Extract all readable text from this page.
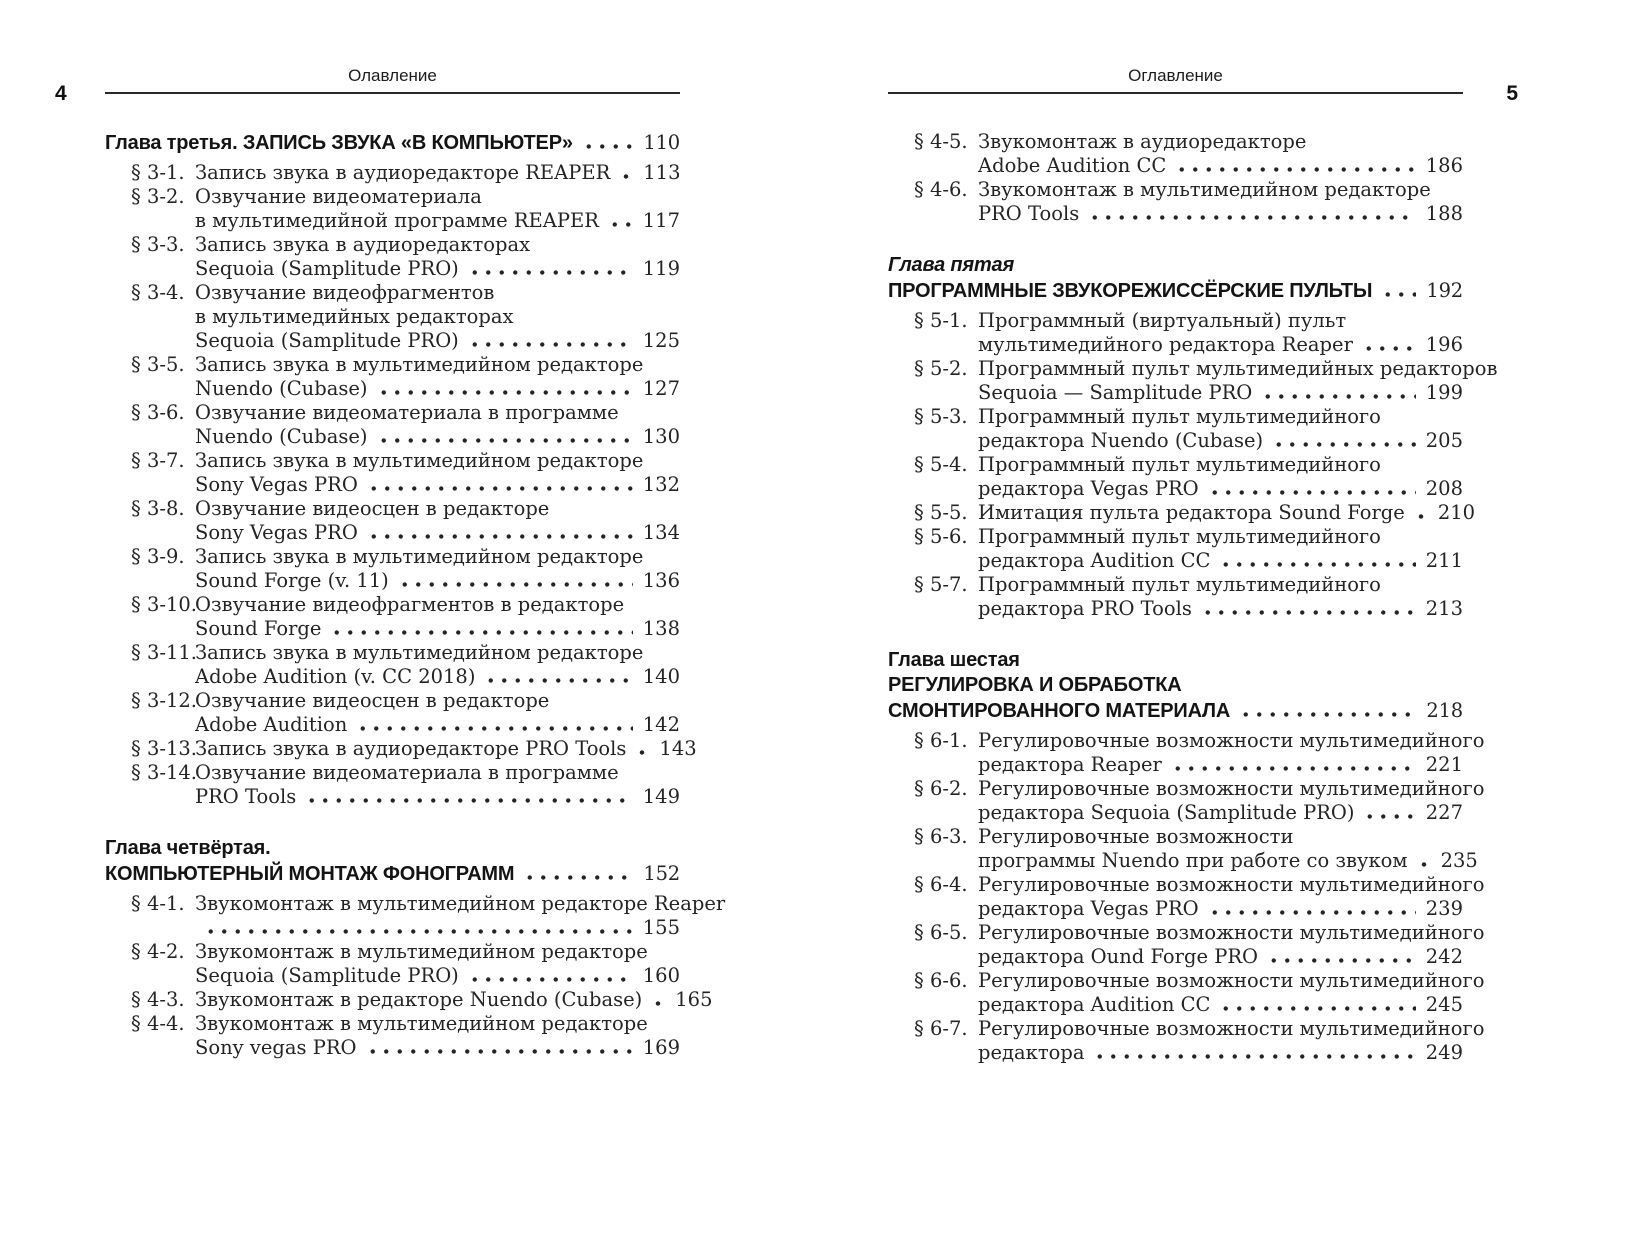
4	5
Олавление
Глава третья. ЗАПИСЬ ЗВУКА «В КОМПЬЮТЕР»	110
§ 3-1. Запись звука в аудиоредакторе REAPER 113
§ 3-2. Озвучание видеоматериала
в мультимедийной программе REAPER 117
§ 3-3. Запись звука в аудиоредакторах
Sequoia (Samplitude PRO)	119
§ 3-4. Озвучание видеофрагментов
в мультимедийных редакторах
Sequoia (Samplitude PRO)	125
§ 3-5. Запись звука в мультимедийном редакторе
Nuendo (Cubase)	127
§ 3-6. Озвучание видеоматериала в программе
Nuendo (Cubase)	130
§ 3-7. Запись звука в мультимедийном редакторе
Sony Vegas PRO	132
§ 3-8. Озвучание видеосцен в редакторе
Sony Vegas PRO	134
§ 3-9. Запись звука в мультимедийном редакторе
Sound Forge (v. 11)	136
§ 3-10.
Озвучание видеофрагментов в редакторе
Sound Forge	138
§ 3-11.
Запись звука в мультимедийном редакторе
Adobe Audition (v. CC 2018)	140
§ 3-12.
Озвучание видеосцен в редакторе
Adobe Audition	142
§ 3-13.
Запись звука в аудиоредакторе PRO Tools 143
§ 3-14.
Озвучание видеоматериала в программе
PRO Tools	149
Глава четвёртая.
КОМПЬЮТЕРНЫЙ МОНТАЖ ФОНОГРАММ	152
§ 4-1. Звукомонтаж в мультимедийном редакторе Reaper
155
§ 4-2. Звукомонтаж в мультимедийном редакторе
Sequoia (Samplitude PRO)	160
§ 4-3. Звукомонтаж в редакторе Nuendo (Cubase) 165
§ 4-4. Звукомонтаж в мультимедийном редакторе
Sony vegas PRO	169
Оглавление
§ 4-5. Звукомонтаж в аудиоредакторе
Adobe Audition CC	186
§ 4-6. Звукомонтаж в мультимедийном редакторе
PRO Tools	188
Глава пятая
ПРОГРАММНЫЕ ЗВУКОРЕЖИССЁРСКИЕ ПУЛЬТЫ	192
§ 5-1. Программный (виртуальный) пульт
мультимедийного редактора Reaper	196
§ 5-2. Программный пульт мультимедийных редакторов
Sequoia — Samplitude PRO	199
§ 5-3. Программный пульт мультимедийного
редактора Nuendo (Cubase)	205
§ 5-4. Программный пульт мультимедийного
редактора Vegas PRO	208
§ 5-5. Имитация пульта редактора Sound Forge 210
§ 5-6. Программный пульт мультимедийного
редактора Audition CC	211
§ 5-7. Программный пульт мультимедийного
редактора PRO Tools	213
Глава шестая
РЕГУЛИРОВКА И ОБРАБОТКА
СМОНТИРОВАННОГО МАТЕРИАЛА	218
§ 6-1. Регулировочные возможности мультимедийного
редактора Reaper	221
§ 6-2. Регулировочные возможности мультимедийного
редактора Sequoia (Samplitude PRO)	227
§ 6-3. Регулировочные возможности
программы Nuendo при работе со звуком 235
§ 6-4. Регулировочные возможности мультимедийного
редактора Vegas PRO	239
§ 6-5. Регулировочные возможности мультимедийного
редактора Ound Forge PRO	242
§ 6-6. Регулировочные возможности мультимедийного
редактора Audition CC	245
§ 6-7. Регулировочные возможности мультимедийного
редактора	249
